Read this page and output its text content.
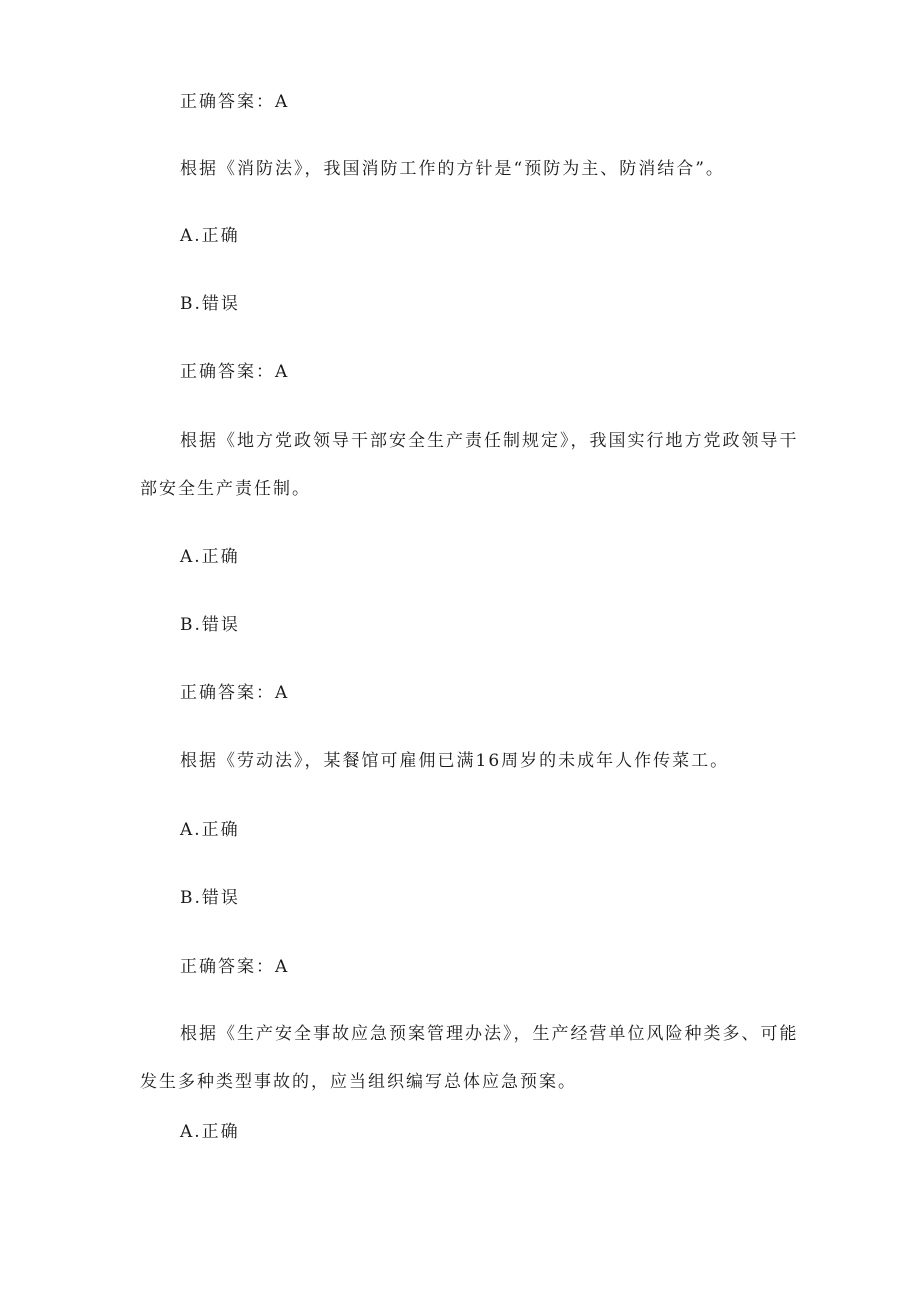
正确答案：A
根据《消防法》，我国消防工作的方针是“预防为主、防消结合”。
A.正确
B.错误
正确答案：A
根据《地方党政领导干部安全生产责任制规定》，我国实行地方党政领导干
部安全生产责任制。
A.正确
B.错误
正确答案：A
根据《劳动法》，某餐馆可雇佣已满16周岁的未成年人作传菜工。
A.正确
B.错误
正确答案：A
根据《生产安全事故应急预案管理办法》，生产经营单位风险种类多、可能
发生多种类型事故的，应当组织编写总体应急预案。
A.正确
